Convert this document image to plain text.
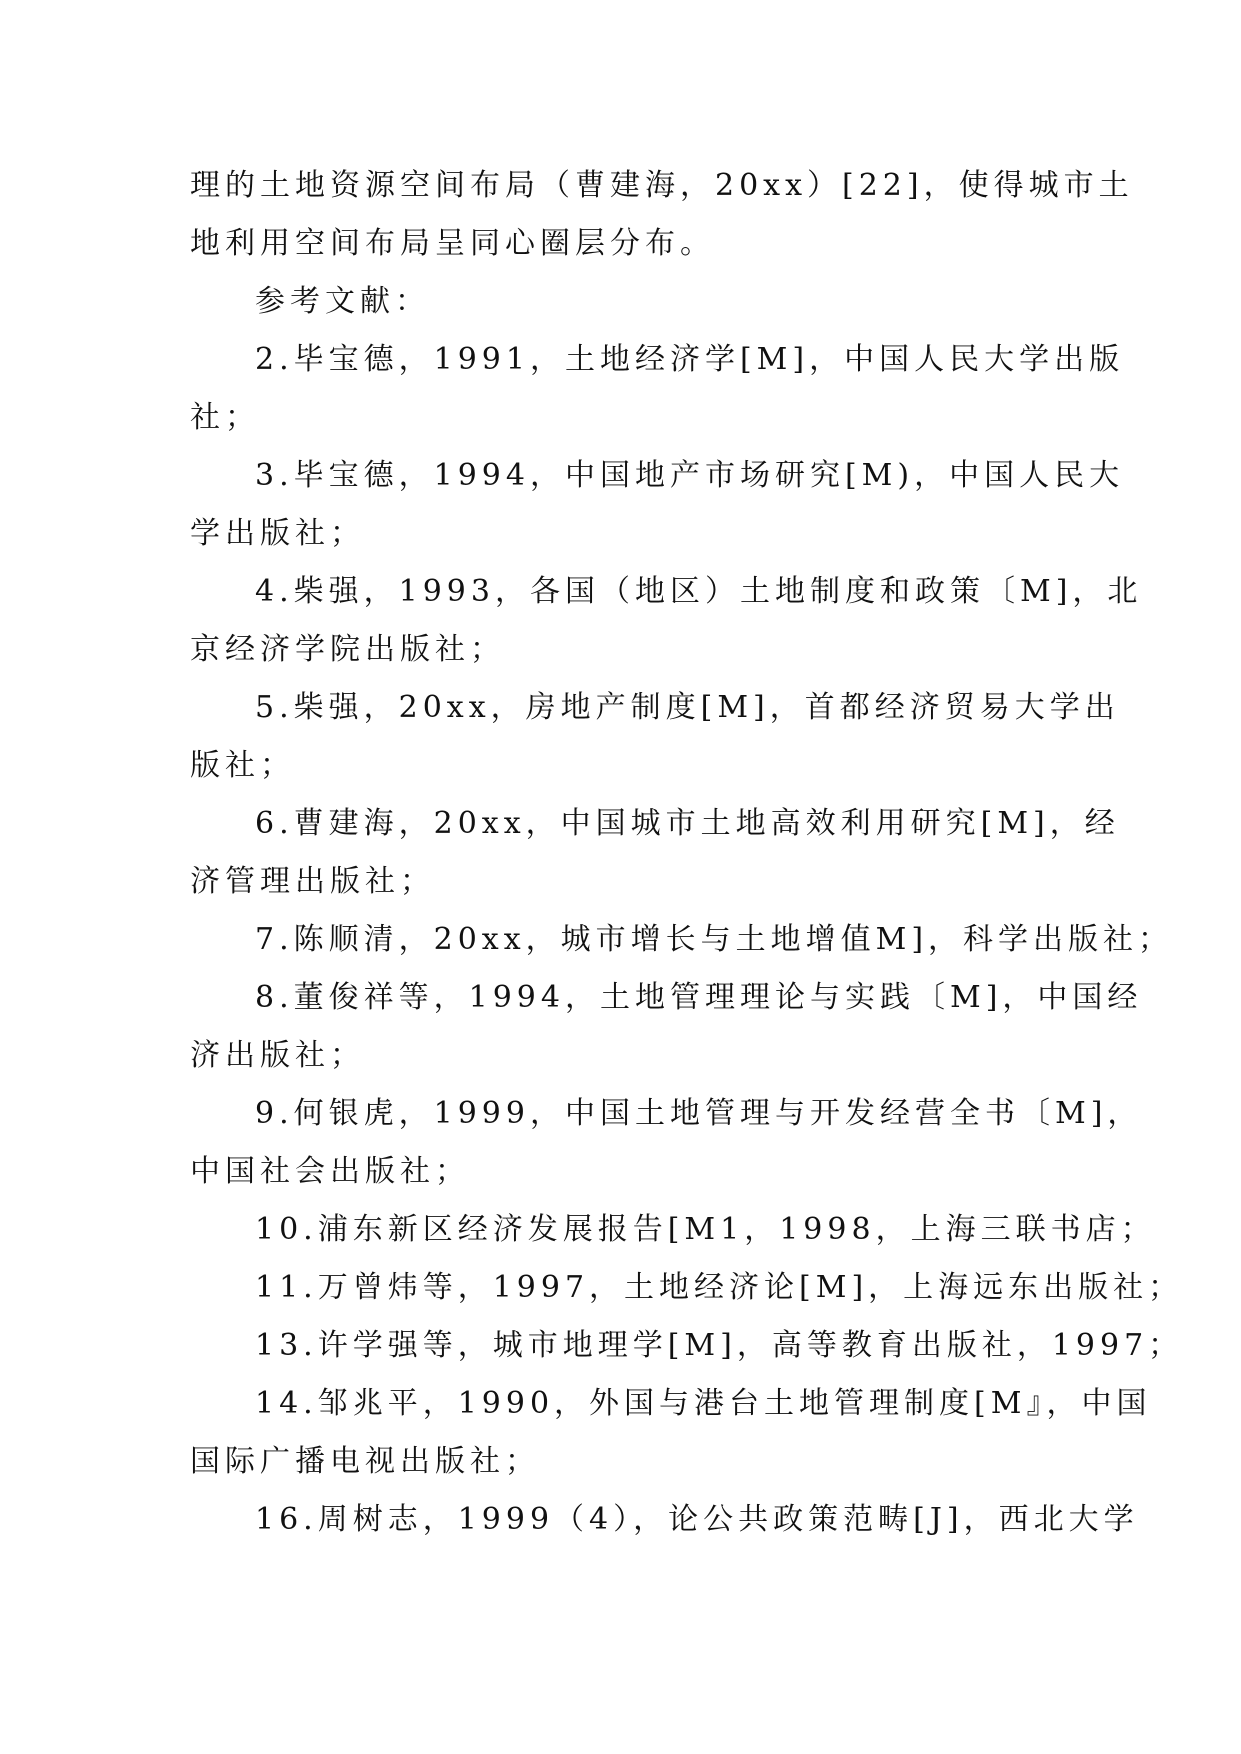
理的土地资源空间布局（曹建海，20xx）[22]，使得城市土

地利用空间布局呈同心圈层分布。

参考文献：

2.毕宝德，1991，土地经济学[M]，中国人民大学出版

社；

3.毕宝德，1994，中国地产市场研究[M)，中国人民大

学出版社；

4.柴强，1993，各国（地区）土地制度和政策〔M]，北

京经济学院出版社；

5.柴强，20xx，房地产制度[M]，首都经济贸易大学出

版社；

6.曹建海，20xx，中国城市土地高效利用研究[M]，经

济管理出版社；

7.陈顺清，20xx，城市增长与土地增值M]，科学出版社；

8.董俊祥等，1994，土地管理理论与实践〔M]，中国经

济出版社；

9.何银虎，1999，中国土地管理与开发经营全书〔M]，

中国社会出版社；

10.浦东新区经济发展报告[M1，1998，上海三联书店；

11.万曾炜等，1997，土地经济论[M]，上海远东出版社；

13.许学强等，城市地理学[M]，高等教育出版社，1997；

14.邹兆平，1990，外国与港台土地管理制度[M』，中国

国际广播电视出版社；

16.周树志，1999（4），论公共政策范畴[J]，西北大学
